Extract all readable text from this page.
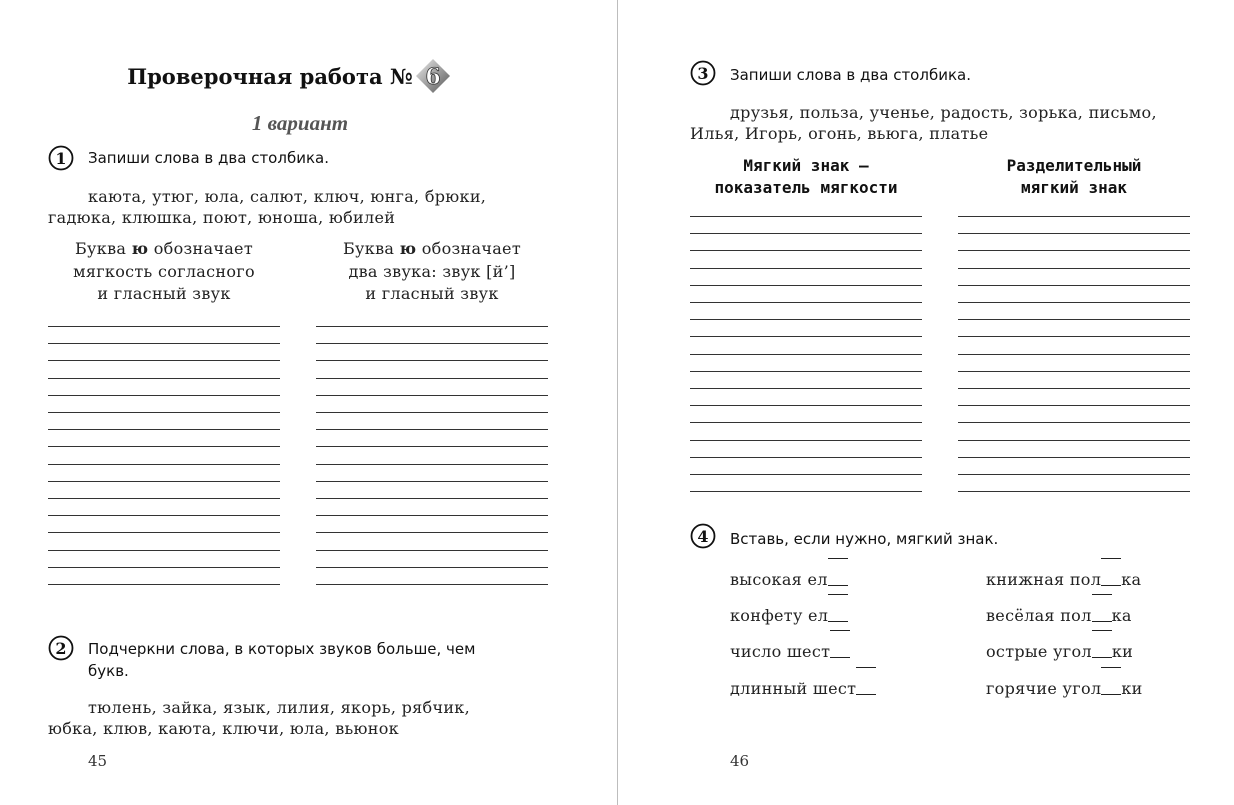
Проверочная работа № 6
1 вариант
1 Запиши слова в два столбика.
каюта, утюг, юла, салют, ключ, юнга, брюки,
гадюка, клюшка, поют, юноша, юбилей
Буква ю обозначает
мягкость согласного
и гласный звук
Буква ю обозначает
два звука: звук [й’]
и гласный звук
2 Подчеркни слова, в которых звуков больше, чем
букв.
тюлень, зайка, язык, лилия, якорь, рябчик,
юбка, клюв, каюта, ключи, юла, вьюнок
45
3 Запиши слова в два столбика.
друзья, польза, ученье, радость, зорька, письмо,
Илья, Игорь, огонь, вьюга, платье
Мягкий знак —
показатель мягкости
Разделительный
мягкий знак
4 Вставь, если нужно, мягкий знак.
высокая ел
конфету ел
число шест
длинный шест
книжная пол ка
весёлая пол ка
острые угол ки
горячие угол ки
46
